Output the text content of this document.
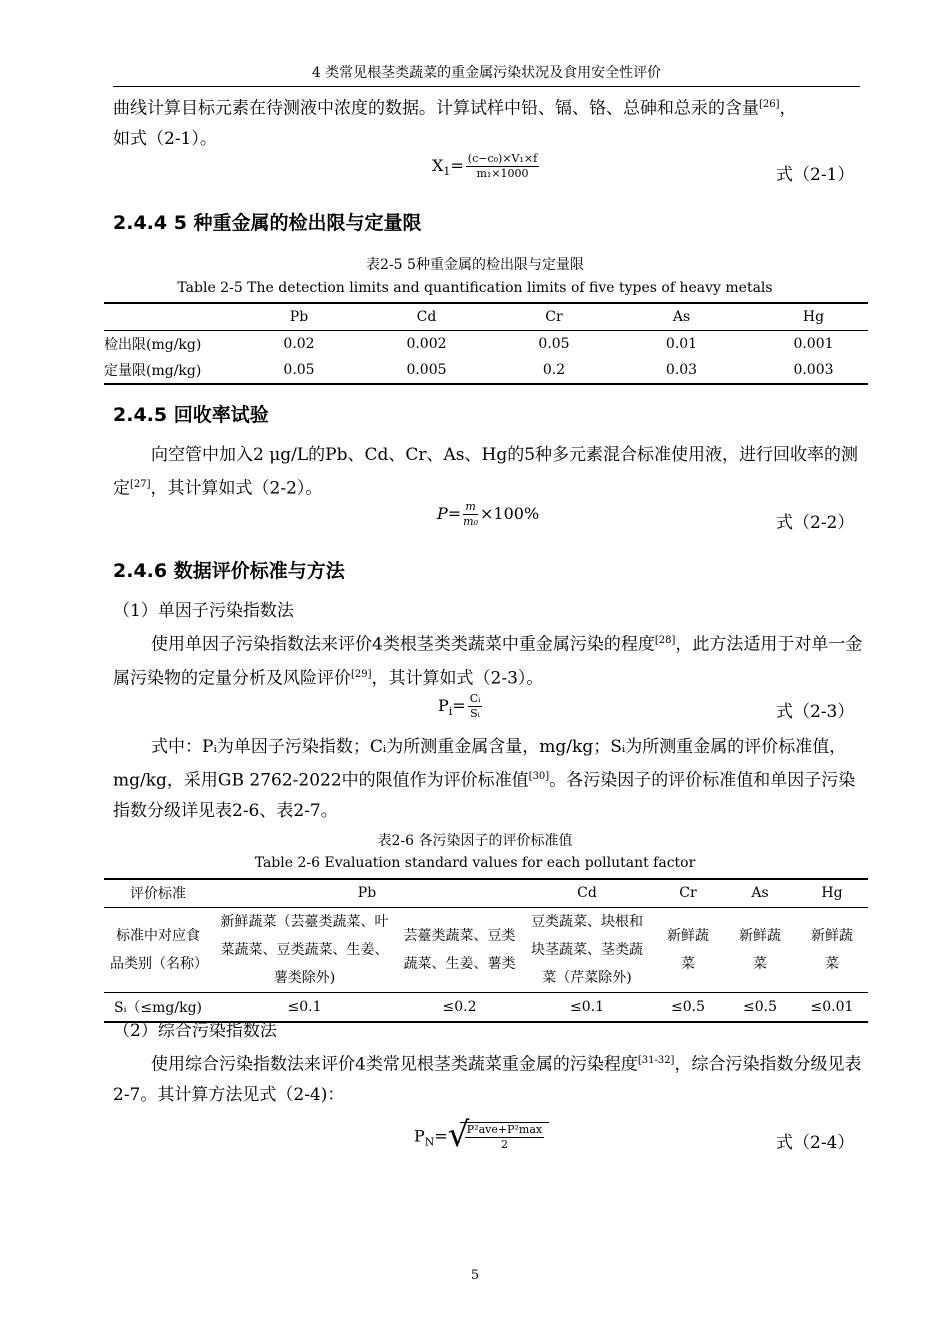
4 类常见根茎类蔬菜的重金属污染状况及食用安全性评价
曲线计算目标元素在待测液中浓度的数据。计算试样中铅、镉、铬、总砷和总汞的含量[26]，
如式（2-1）。
$X_1= \frac{\text{(c−c₀)×V₁×f}}{\text{m₁×1000}}$	式（2-1）
2.4.4 5 种重金属的检出限与定量限
表2-5 5种重金属的检出限与定量限
Table 2-5 The detection limits and quantification limits of five types of heavy metals
	Pb	Cd	Cr	As	Hg
检出限(mg/kg)	0.02	0.002	0.05	0.01	0.001
定量限(mg/kg)	0.05	0.005	0.2	0.03	0.003
2.4.5 回收率试验
向空管中加入2 μg/L的Pb、Cd、Cr、As、Hg的5种多元素混合标准使用液，进行回收率的测定[27]，其计算如式（2-2）。
$P= \frac{m}{\text{m₀}} \times 100\%$	式（2-2）
2.4.6 数据评价标准与方法
（1）单因子污染指数法
使用单因子污染指数法来评价4类根茎类类蔬菜中重金属污染的程度[28]，此方法适用于对单一金属污染物的定量分析及风险评价[29]，其计算如式（2-3）。
$P_i= \frac{\text{Cᵢ}}{\text{Sᵢ}}$	式（2-3）
式中：Pᵢ为单因子污染指数；Cᵢ为所测重金属含量，mg/kg；Sᵢ为所测重金属的评价标准值，mg/kg，采用GB 2762-2022中的限值作为评价标准值[30]。各污染因子的评价标准值和单因子污染指数分级详见表2-6、表2-7。
表2-6 各污染因子的评价标准值
Table 2-6 Evaluation standard values for each pollutant factor
评价标准	Pb		Cd	Cr	As	Hg
标准中对应食品类别（名称）	新鲜蔬菜（芸薹类蔬菜、叶菜蔬菜、豆类蔬菜、生姜、薯类除外)	芸薹类蔬菜、豆类蔬菜、生姜、薯类	豆类蔬菜、块根和块茎蔬菜、茎类蔬菜（芹菜除外)	新鲜蔬菜	新鲜蔬菜	新鲜蔬菜
Sᵢ（≤mg/kg)	≤0.1	≤0.2	≤0.1	≤0.5	≤0.5	≤0.01
（2）综合污染指数法
使用综合污染指数法来评价4类常见根茎类蔬菜重金属的污染程度[31-32]，综合污染指数分级见表2-7。其计算方法见式（2-4)：
$P_N=$ √
$\frac{\text{P²ave+P²max}}{2}$	式（2-4）
5
